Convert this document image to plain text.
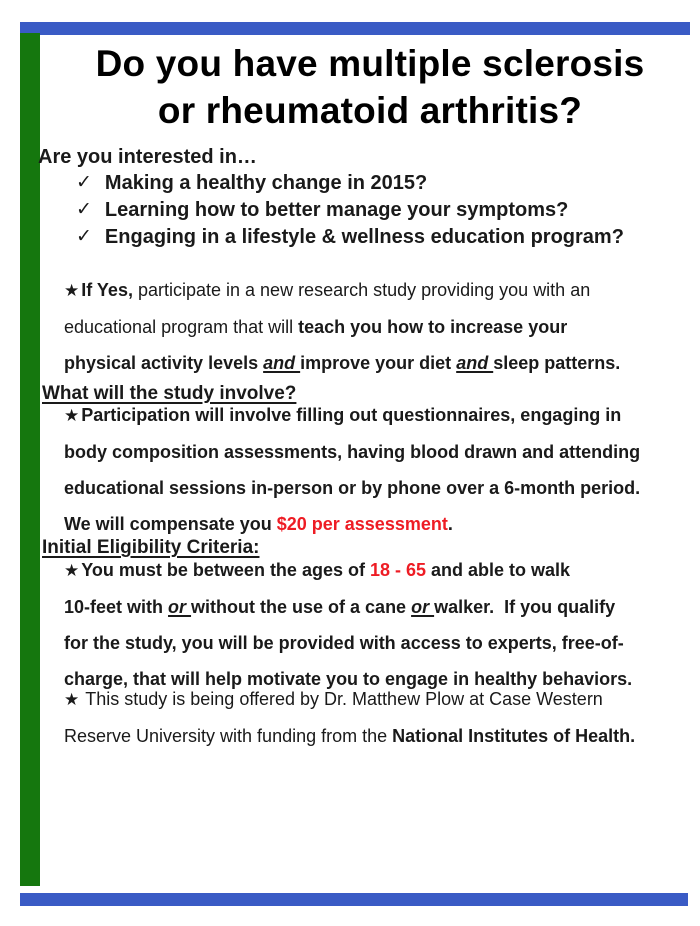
Do you have multiple sclerosis
or rheumatoid arthritis?
Are you interested in…
✓ Making a healthy change in 2015?
✓ Learning how to better manage your symptoms?
✓ Engaging in a lifestyle & wellness education program?
★ If Yes, participate in a new research study providing you with an
educational program that will teach you how to increase your
physical activity levels and improve your diet and sleep patterns.
What will the study involve?
★ Participation will involve filling out questionnaires, engaging in
body composition assessments, having blood drawn and attending
educational sessions in-person or by phone over a 6-month period.
We will compensate you $20 per assessment.
Initial Eligibility Criteria:
★ You must be between the ages of 18 - 65 and able to walk
10-feet with or without the use of a cane or walker.  If you qualify
for the study, you will be provided with access to experts, free-of-
charge, that will help motivate you to engage in healthy behaviors.
★ This study is being offered by Dr. Matthew Plow at Case Western
Reserve University with funding from the National Institutes of Health.
